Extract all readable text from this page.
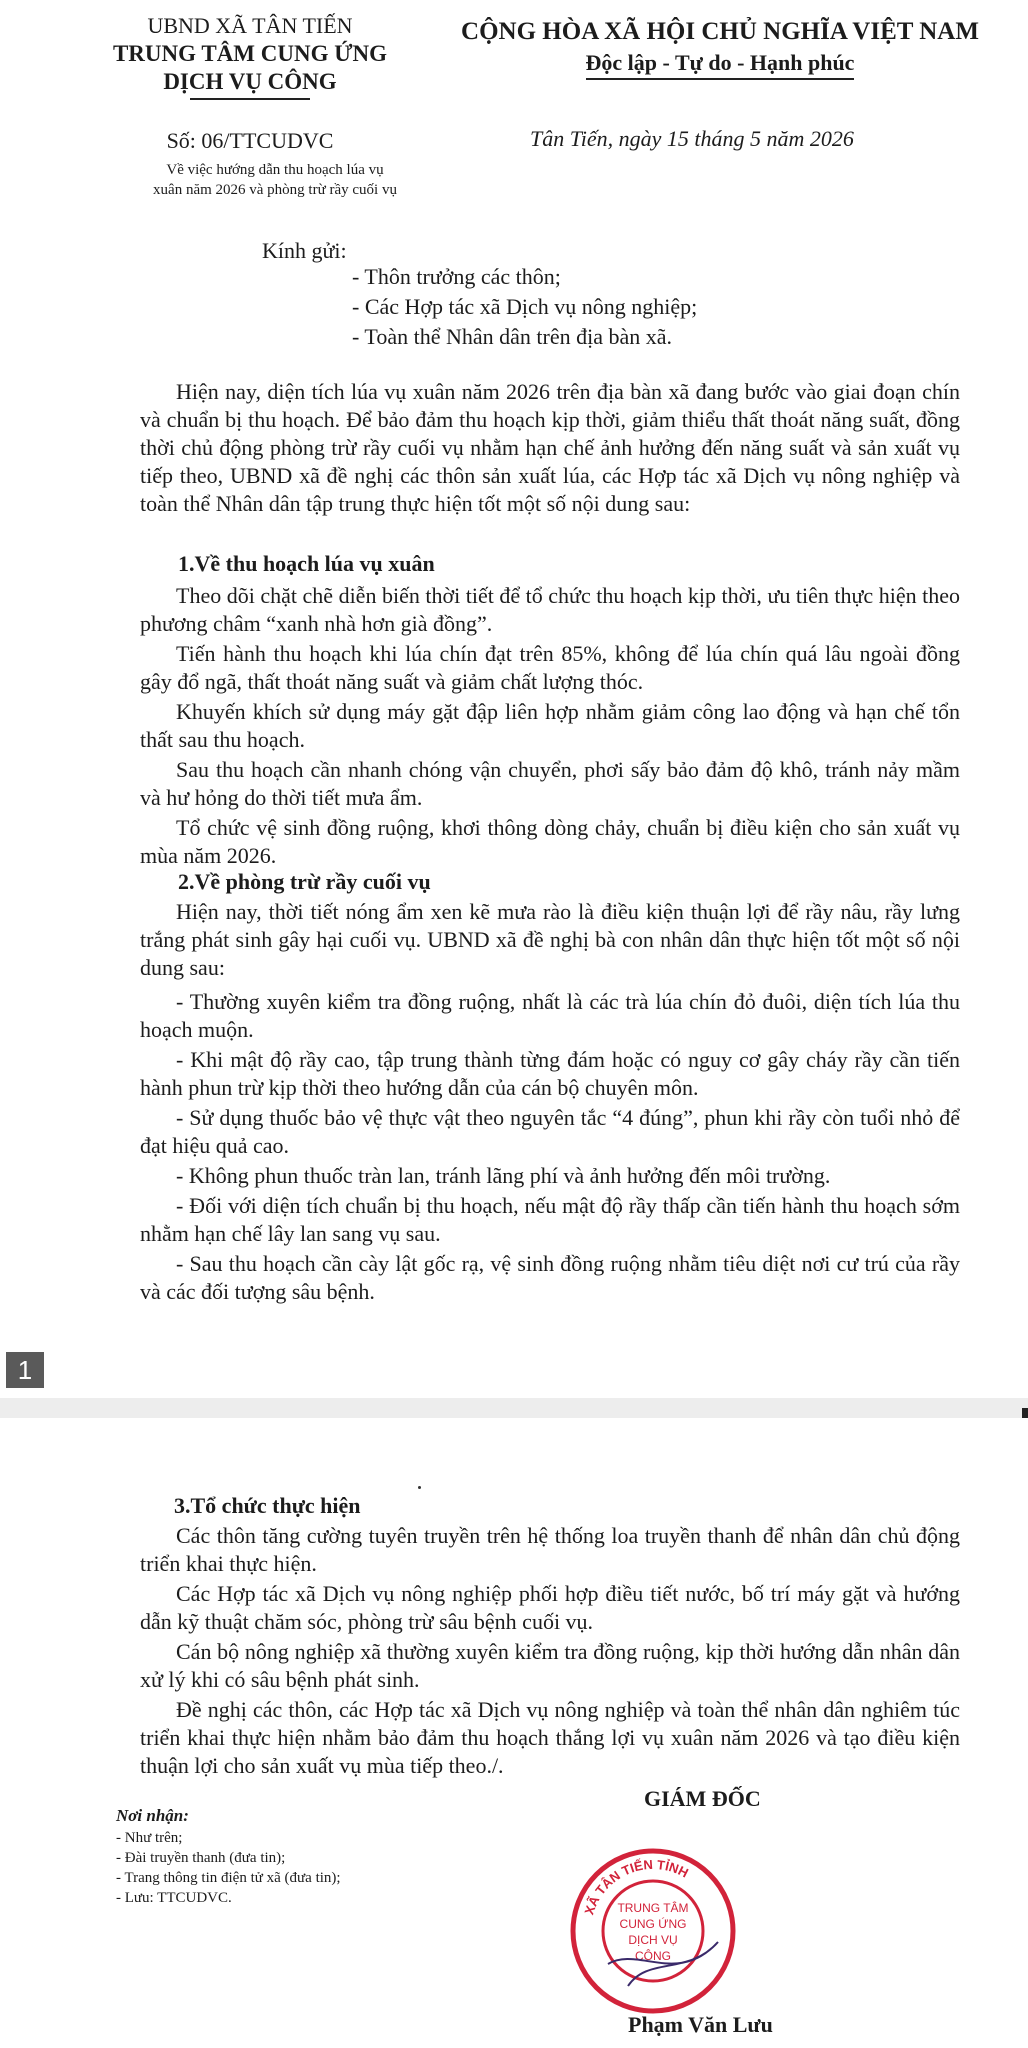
UBND XÃ TÂN TIẾN
TRUNG TÂM CUNG ỨNG
DỊCH VỤ CÔNG
CỘNG HÒA XÃ HỘI CHỦ NGHĨA VIỆT NAM
Độc lập - Tự do - Hạnh phúc
Số: 06/TTCUDVC	Tân Tiến, ngày 15 tháng 5 năm 2026
Về việc hướng dẫn thu hoạch lúa vụ
xuân năm 2026 và phòng trừ rầy cuối vụ
Kính gửi:
- Thôn trưởng các thôn;
- Các Hợp tác xã Dịch vụ nông nghiệp;
- Toàn thể Nhân dân trên địa bàn xã.
Hiện nay, diện tích lúa vụ xuân năm 2026 trên địa bàn xã đang bước vào giai đoạn chín và chuẩn bị thu hoạch. Để bảo đảm thu hoạch kịp thời, giảm thiểu thất thoát năng suất, đồng thời chủ động phòng trừ rầy cuối vụ nhằm hạn chế ảnh hưởng đến năng suất và sản xuất vụ tiếp theo, UBND xã đề nghị các thôn sản xuất lúa, các Hợp tác xã Dịch vụ nông nghiệp và toàn thể Nhân dân tập trung thực hiện tốt một số nội dung sau:
1.Về thu hoạch lúa vụ xuân
Theo dõi chặt chẽ diễn biến thời tiết để tổ chức thu hoạch kịp thời, ưu tiên thực hiện theo phương châm “xanh nhà hơn già đồng”.
Tiến hành thu hoạch khi lúa chín đạt trên 85%, không để lúa chín quá lâu ngoài đồng gây đổ ngã, thất thoát năng suất và giảm chất lượng thóc.
Khuyến khích sử dụng máy gặt đập liên hợp nhằm giảm công lao động và hạn chế tổn thất sau thu hoạch.
Sau thu hoạch cần nhanh chóng vận chuyển, phơi sấy bảo đảm độ khô, tránh nảy mầm và hư hỏng do thời tiết mưa ẩm.
Tổ chức vệ sinh đồng ruộng, khơi thông dòng chảy, chuẩn bị điều kiện cho sản xuất vụ mùa năm 2026.
2.Về phòng trừ rầy cuối vụ
Hiện nay, thời tiết nóng ẩm xen kẽ mưa rào là điều kiện thuận lợi để rầy nâu, rầy lưng trắng phát sinh gây hại cuối vụ. UBND xã đề nghị bà con nhân dân thực hiện tốt một số nội dung sau:
- Thường xuyên kiểm tra đồng ruộng, nhất là các trà lúa chín đỏ đuôi, diện tích lúa thu hoạch muộn.
- Khi mật độ rầy cao, tập trung thành từng đám hoặc có nguy cơ gây cháy rầy cần tiến hành phun trừ kịp thời theo hướng dẫn của cán bộ chuyên môn.
- Sử dụng thuốc bảo vệ thực vật theo nguyên tắc “4 đúng”, phun khi rầy còn tuổi nhỏ để đạt hiệu quả cao.
- Không phun thuốc tràn lan, tránh lãng phí và ảnh hưởng đến môi trường.
- Đối với diện tích chuẩn bị thu hoạch, nếu mật độ rầy thấp cần tiến hành thu hoạch sớm nhằm hạn chế lây lan sang vụ sau.
- Sau thu hoạch cần cày lật gốc rạ, vệ sinh đồng ruộng nhằm tiêu diệt nơi cư trú của rầy và các đối tượng sâu bệnh.
1
3.Tổ chức thực hiện
Các thôn tăng cường tuyên truyền trên hệ thống loa truyền thanh để nhân dân chủ động triển khai thực hiện.
Các Hợp tác xã Dịch vụ nông nghiệp phối hợp điều tiết nước, bố trí máy gặt và hướng dẫn kỹ thuật chăm sóc, phòng trừ sâu bệnh cuối vụ.
Cán bộ nông nghiệp xã thường xuyên kiểm tra đồng ruộng, kịp thời hướng dẫn nhân dân xử lý khi có sâu bệnh phát sinh.
Đề nghị các thôn, các Hợp tác xã Dịch vụ nông nghiệp và toàn thể nhân dân nghiêm túc triển khai thực hiện nhằm bảo đảm thu hoạch thắng lợi vụ xuân năm 2026 và tạo điều kiện thuận lợi cho sản xuất vụ mùa tiếp theo./.
Nơi nhận:
- Như trên;
- Đài truyền thanh (đưa tin);
- Trang thông tin điện tử xã (đưa tin);
- Lưu: TTCUDVC.
GIÁM ĐỐC
XÃ TÂN TIẾN TỈNH
TRUNG TÂM
CUNG ỨNG
DỊCH VỤ
CÔNG
Phạm Văn Lưu
